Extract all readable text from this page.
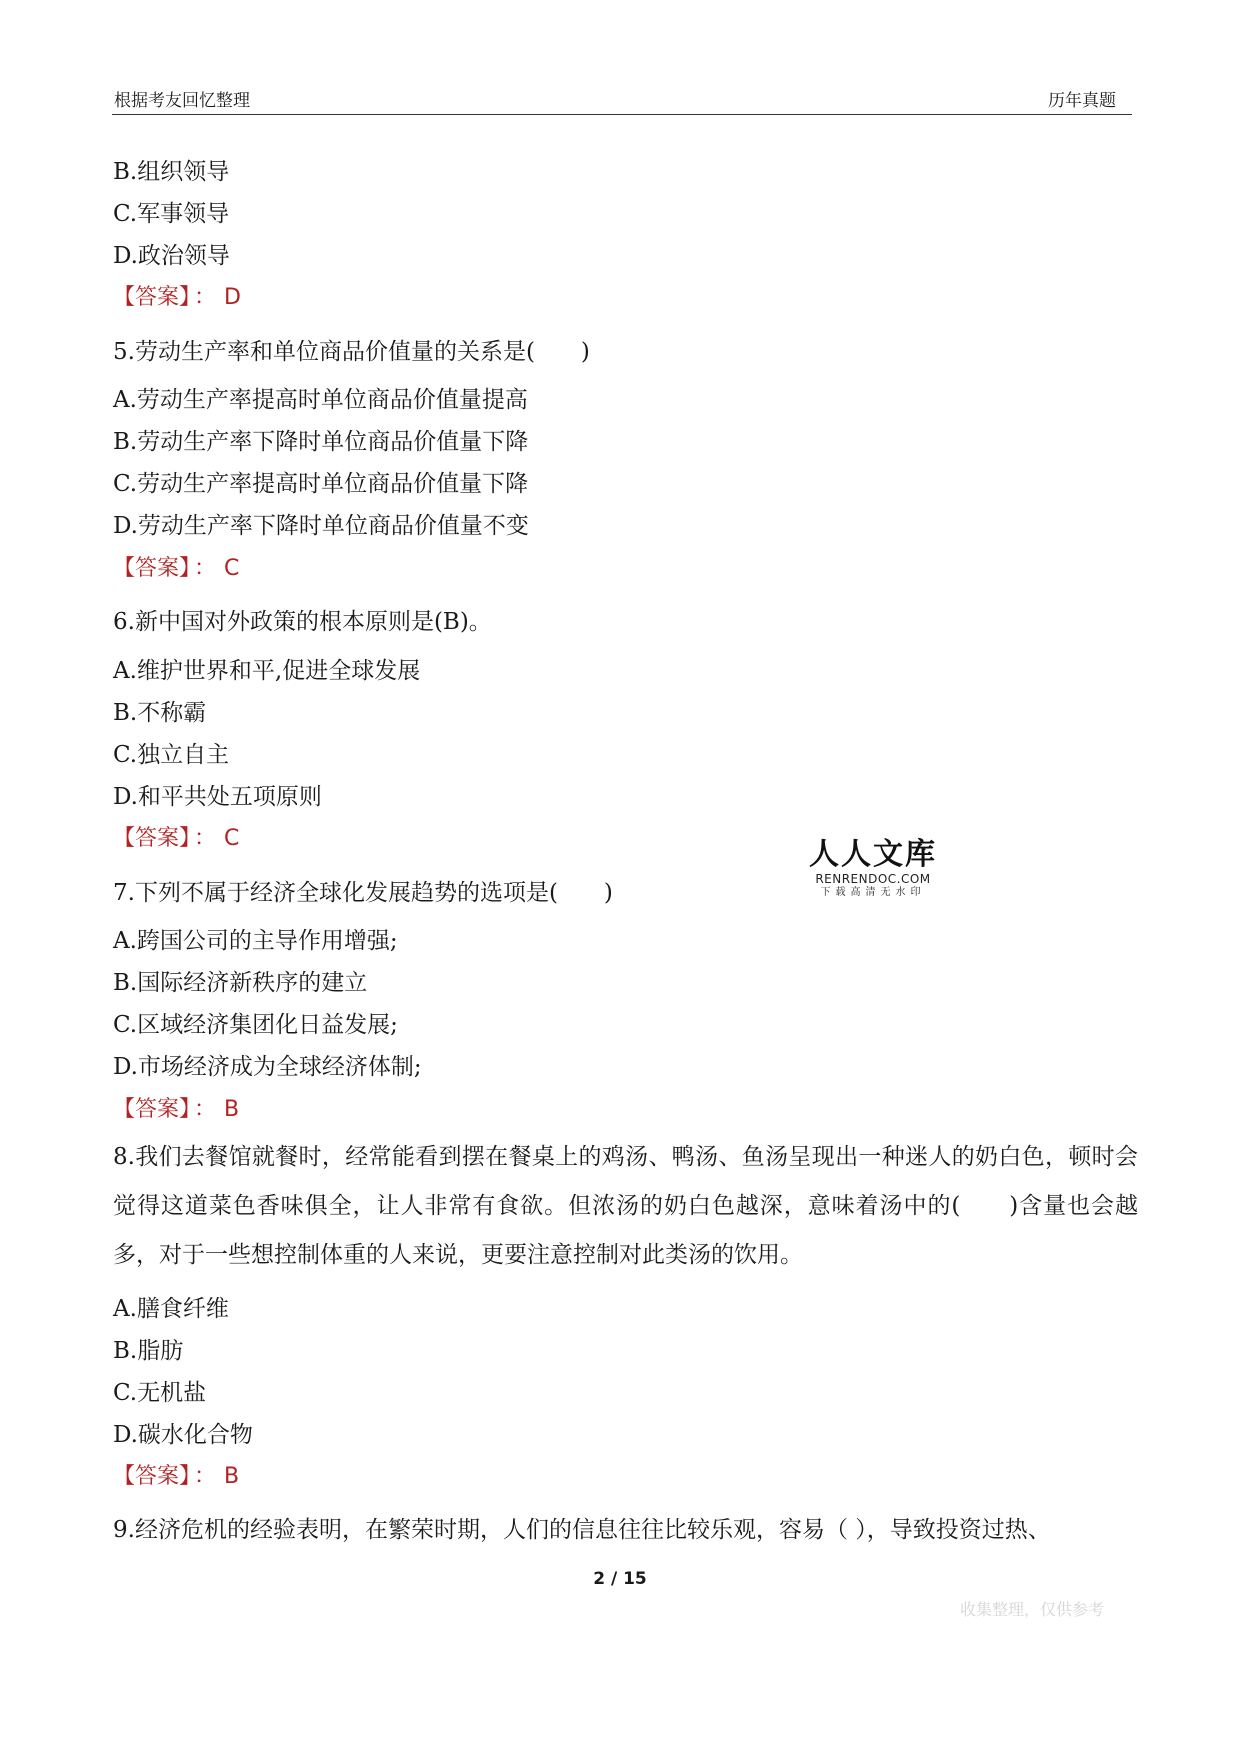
根据考友回忆整理	历年真题
B.组织领导
C.军事领导
D.政治领导
【答案】 ： D
5.劳动生产率和单位商品价值量的关系是(　　)
A.劳动生产率提高时单位商品价值量提高
B.劳动生产率下降时单位商品价值量下降
C.劳动生产率提高时单位商品价值量下降
D.劳动生产率下降时单位商品价值量不变
【答案】 ： C
6.新中国对外政策的根本原则是(B)。
A.维护世界和平,促进全球发展
B.不称霸
C.独立自主
D.和平共处五项原则
【答案】 ： C	人人文库
RENRENDOC.COM
下载高清无水印
7.下列不属于经济全球化发展趋势的选项是(　　)
A.跨国公司的主导作用增强;
B.国际经济新秩序的建立
C.区域经济集团化日益发展;
D.市场经济成为全球经济体制;
【答案】 ： B
8.我们去餐馆就餐时，经常能看到摆在餐桌上的鸡汤、鸭汤、鱼汤呈现出一种迷人的奶白色，顿时会觉得这道菜色香味俱全，让人非常有食欲。但浓汤的奶白色越深，意味着汤中的(　　)含量也会越多，对于一些想控制体重的人来说，更要注意控制对此类汤的饮用。
A.膳食纤维
B.脂肪
C.无机盐
D.碳水化合物
【答案】 ： B
9.经济危机的经验表明，在繁荣时期，人们的信息往往比较乐观，容易（ ），导致投资过热、
2 / 15
收集整理，仅供参考
